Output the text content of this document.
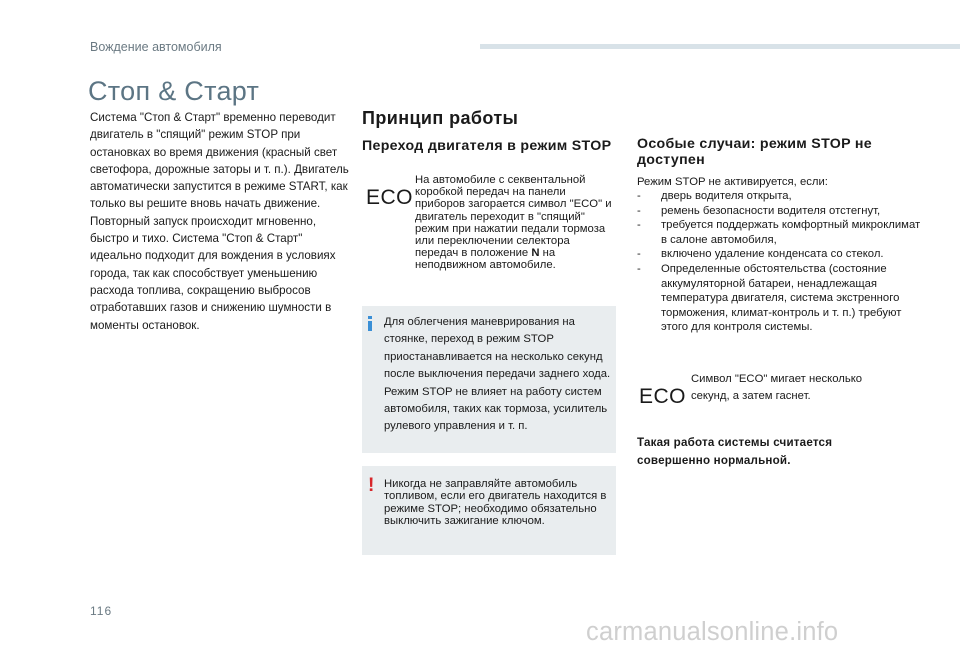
Вождение автомобиля
Стоп & Старт
Система "Стоп & Старт" временно переводит двигатель в "спящий" режим STOP при остановках во время движения (красный свет светофора, дорожные заторы и т. п.). Двигатель автоматически запустится в режиме START, как только вы решите вновь начать движение. Повторный запуск происходит мгновенно, быстро и тихо. Система "Стоп & Старт" идеально подходит для вождения в условиях города, так как способствует уменьшению расхода топлива, сокращению выбросов отработавших газов и снижению шумности в моменты остановок.
Принцип работы
Переход двигателя в режим STOP
ECO
На автомобиле с секвентальной коробкой передач на панели приборов загорается символ "ECO" и двигатель переходит в "спящий" режим при нажатии педали тормоза или переключении селектора передач в положение N на неподвижном автомобиле.
Для облегчения маневрирования на стоянке, переход в режим STOP приостанавливается на несколько секунд после выключения передачи заднего хода. Режим STOP не влияет на работу систем автомобиля, таких как тормоза, усилитель рулевого управления и т. п.
! Никогда не заправляйте автомобиль топливом, если его двигатель находится в режиме STOP; необходимо обязательно выключить зажигание ключом.
Особые случаи: режим STOP не доступен
Режим STOP не активируется, если:
- дверь водителя открыта,
- ремень безопасности водителя отстегнут,
- требуется поддержать комфортный микроклимат в салоне автомобиля,
- включено удаление конденсата со стекол.
- Определенные обстоятельства (состояние аккумуляторной батареи, ненадлежащая температура двигателя, система экстренного торможения, климат-контроль и т. п.) требуют этого для контроля системы.
ECO
Символ "ECO" мигает несколько секунд, а затем гаснет.
Такая работа системы считается совершенно нормальной.
116
carmanualsonline.info
